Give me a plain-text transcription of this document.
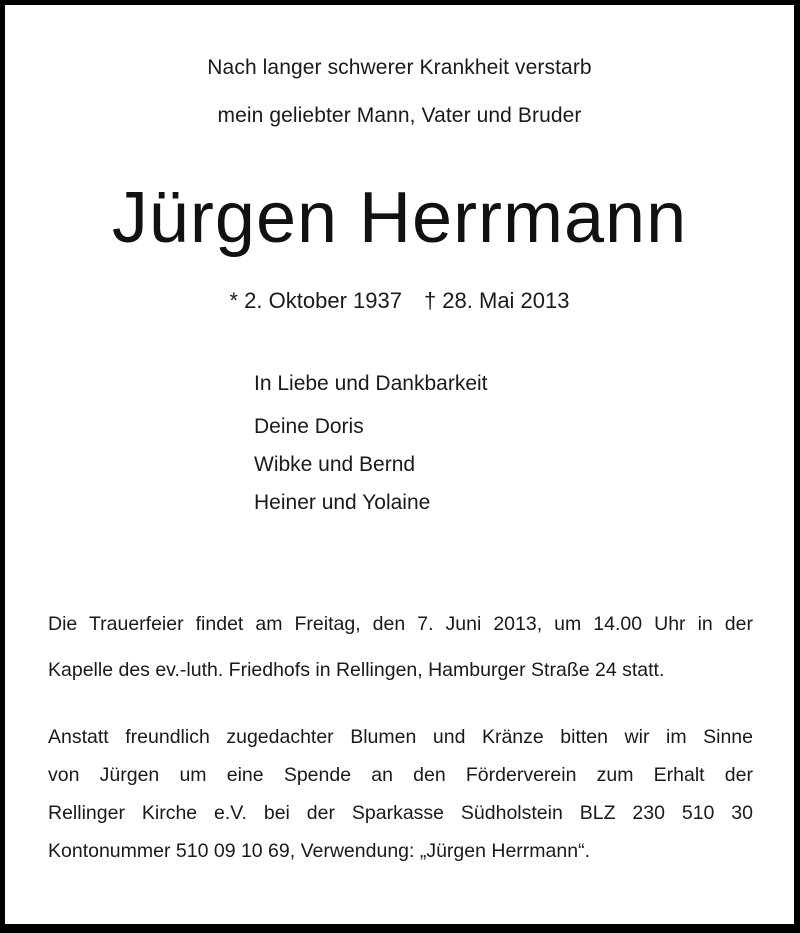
Nach langer schwerer Krankheit verstarb
mein geliebter Mann, Vater und Bruder
Jürgen Herrmann
* 2. Oktober 1937 † 28. Mai 2013
In Liebe und Dankbarkeit
Deine Doris
Wibke und Bernd
Heiner und Yolaine
Die Trauerfeier findet am Freitag, den 7. Juni 2013, um 14.00 Uhr in der
Kapelle des ev.-luth. Friedhofs in Rellingen, Hamburger Straße 24 statt.
Anstatt freundlich zugedachter Blumen und Kränze bitten wir im Sinne
von Jürgen um eine Spende an den Förderverein zum Erhalt der
Rellinger Kirche e.V. bei der Sparkasse Südholstein BLZ 230 510 30
Kontonummer 510 09 10 69, Verwendung: „Jürgen Herrmann“.
